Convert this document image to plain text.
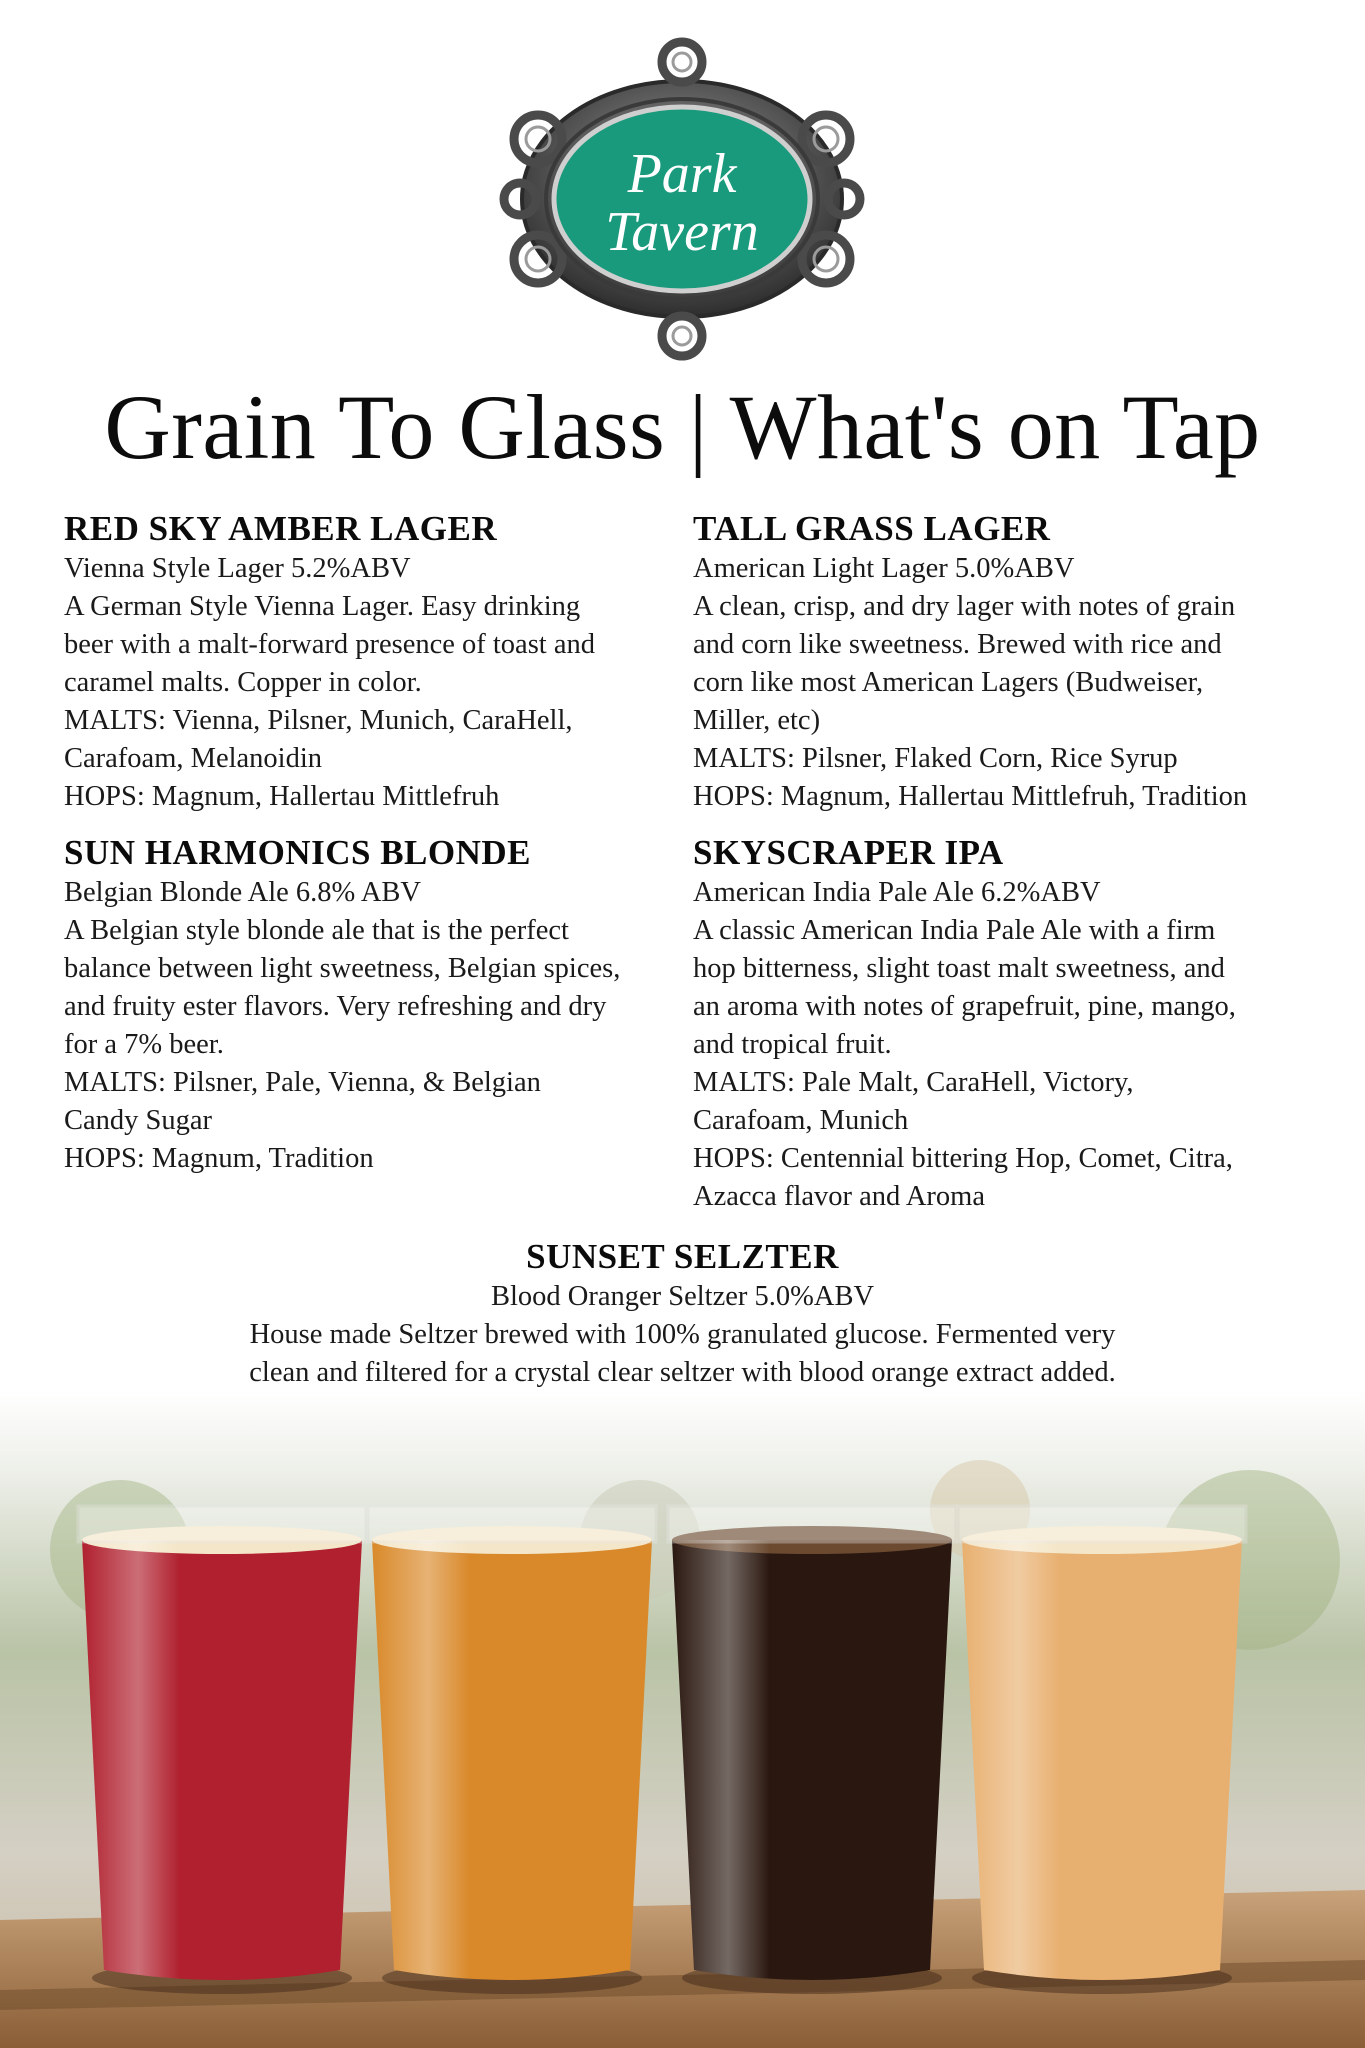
Park
Tavern
Grain To Glass | What's on Tap
RED SKY AMBER LAGER
Vienna Style Lager 5.2%ABV
A German Style Vienna Lager. Easy drinking
beer with a malt-forward presence of toast and
caramel malts. Copper in color.
MALTS: Vienna, Pilsner, Munich, CaraHell,
Carafoam, Melanoidin
HOPS: Magnum, Hallertau Mittlefruh
TALL GRASS LAGER
American Light Lager 5.0%ABV
A clean, crisp, and dry lager with notes of grain
and corn like sweetness. Brewed with rice and
corn like most American Lagers (Budweiser,
Miller, etc)
MALTS: Pilsner, Flaked Corn, Rice Syrup
HOPS: Magnum, Hallertau Mittlefruh, Tradition
SUN HARMONICS BLONDE
Belgian Blonde Ale 6.8% ABV
A Belgian style blonde ale that is the perfect
balance between light sweetness, Belgian spices,
and fruity ester flavors. Very refreshing and dry
for a 7% beer.
MALTS: Pilsner, Pale, Vienna, & Belgian
Candy Sugar
HOPS: Magnum, Tradition
SKYSCRAPER IPA
American India Pale Ale 6.2%ABV
A classic American India Pale Ale with a firm
hop bitterness, slight toast malt sweetness, and
an aroma with notes of grapefruit, pine, mango,
and tropical fruit.
MALTS: Pale Malt, CaraHell, Victory,
Carafoam, Munich
HOPS: Centennial bittering Hop, Comet, Citra,
Azacca flavor and Aroma
SUNSET SELZTER
Blood Oranger Seltzer 5.0%ABV
House made Seltzer brewed with 100% granulated glucose. Fermented very
clean and filtered for a crystal clear seltzer with blood orange extract added.
